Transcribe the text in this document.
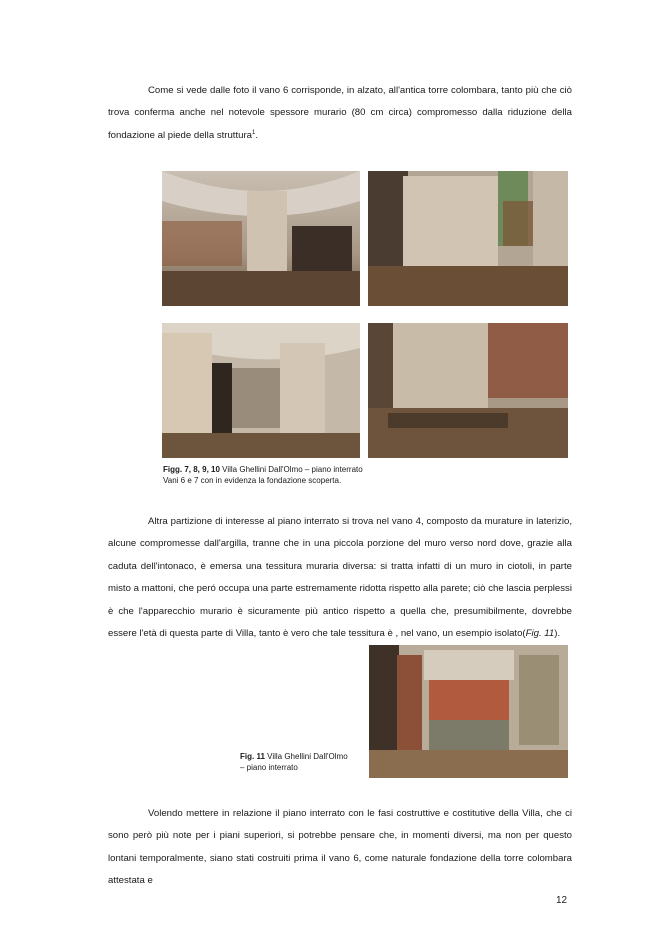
Come si vede dalle foto il vano 6 corrisponde, in alzato, all'antica torre colombara, tanto più che ciò trova conferma anche nel notevole spessore murario (80 cm circa) compromesso dalla riduzione della fondazione al piede della struttura$^1$.

Figg. 7, 8, 9, 10 Villa Ghellini Dall'Olmo – piano interrato
Vani 6 e 7 con in evidenza la fondazione scoperta.

Altra partizione di interesse al piano interrato si trova nel vano 4, composto da murature in laterizio, alcune compromesse dall'argilla, tranne che in una piccola porzione del muro verso nord dove, grazie alla caduta dell'intonaco, è emersa una tessitura muraria diversa: si tratta infatti di un muro in ciotoli, in parte misto a mattoni, che peró occupa una parte estremamente ridotta rispetto alla parete; ciò che lascia perplessi è che l'apparecchio murario è sicuramente più antico rispetto a quella che, presumibilmente, dovrebbe essere l'età di questa parte di Villa, tanto è vero che tale tessitura è , nel vano, un esempio isolato(Fig. 11).

Fig. 11 Villa Ghellini Dall'Olmo
– piano interrato

Volendo mettere in relazione il piano interrato con le fasi costruttive e costitutive della Villa, che ci sono però più note per i piani superiori, si potrebbe pensare che, in momenti diversi, ma non per questo lontani temporalmente, siano stati costruiti prima il vano 6, come naturale fondazione della torre colombara attestata e

12
